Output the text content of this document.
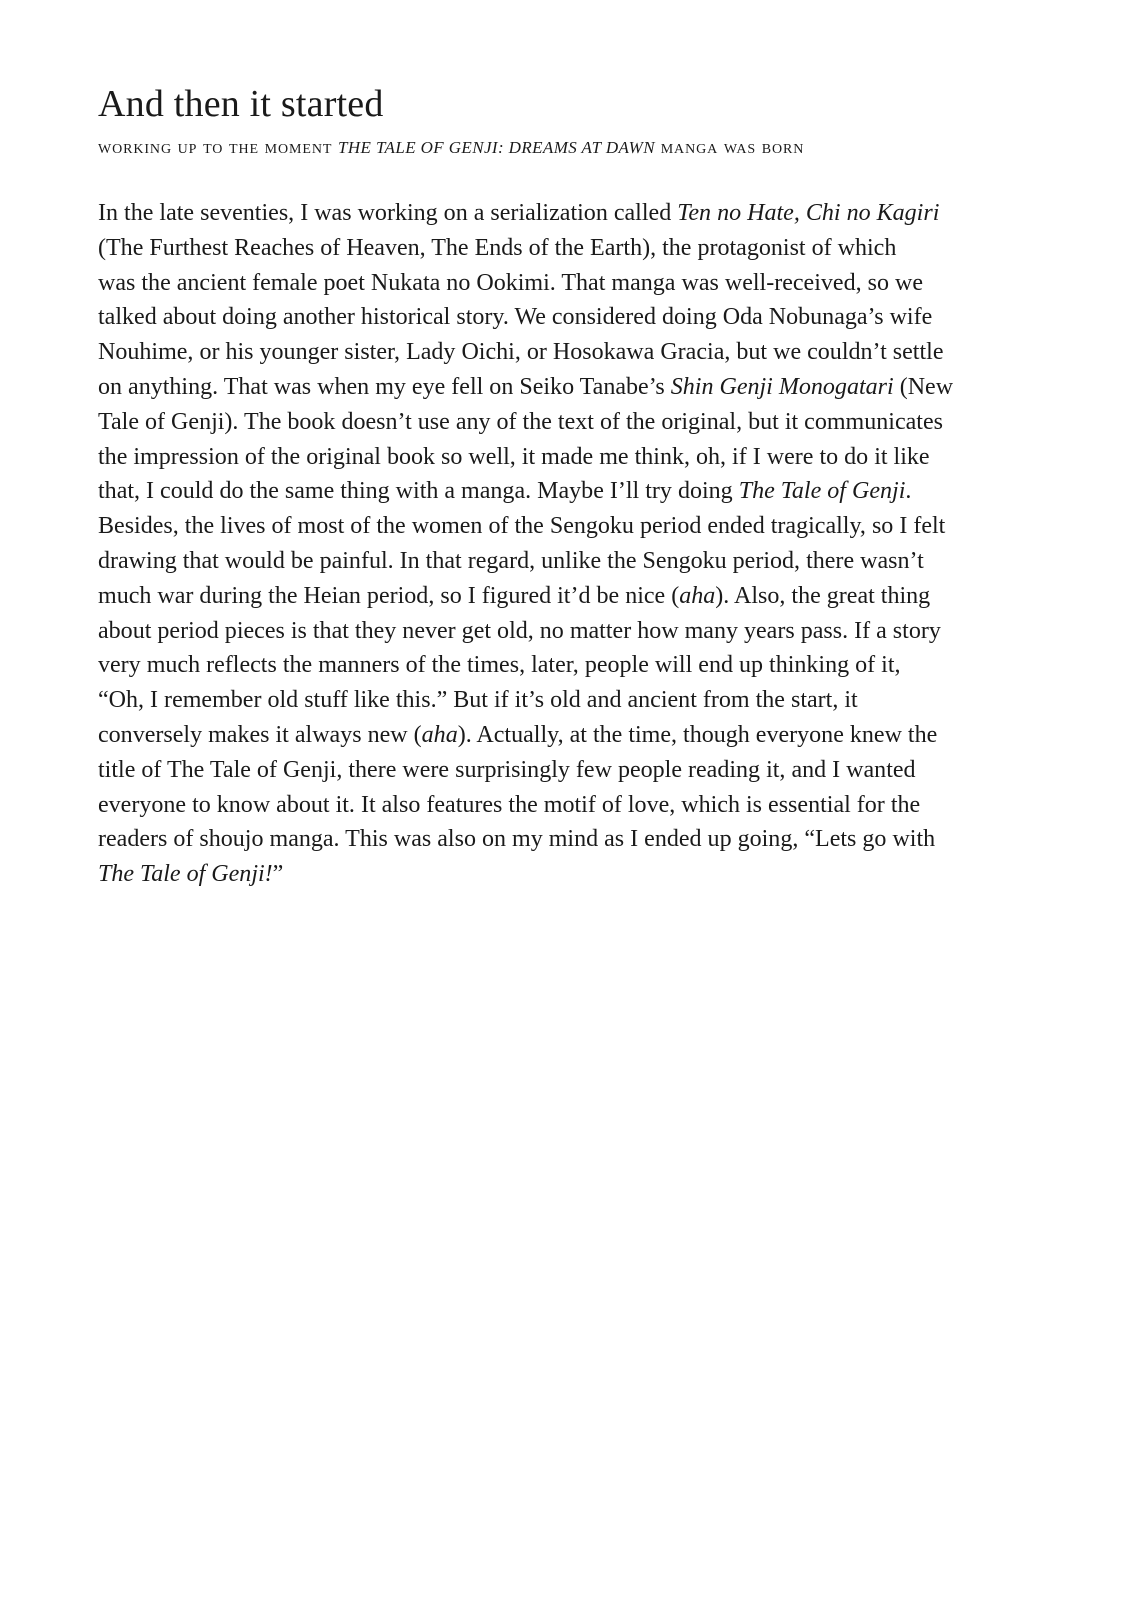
And then it started
working up to the moment THE TALE OF GENJI: DREAMS AT DAWN manga was born
In the late seventies, I was working on a serialization called Ten no Hate, Chi no Kagiri
(The Furthest Reaches of Heaven, The Ends of the Earth), the protagonist of which
was the ancient female poet Nukata no Ookimi. That manga was well-received, so we
talked about doing another historical story. We considered doing Oda Nobunaga’s wife
Nouhime, or his younger sister, Lady Oichi, or Hosokawa Gracia, but we couldn’t settle
on anything. That was when my eye fell on Seiko Tanabe’s Shin Genji Monogatari (New
Tale of Genji). The book doesn’t use any of the text of the original, but it communicates
the impression of the original book so well, it made me think, oh, if I were to do it like
that, I could do the same thing with a manga. Maybe I’ll try doing The Tale of Genji.
Besides, the lives of most of the women of the Sengoku period ended tragically, so I felt
drawing that would be painful. In that regard, unlike the Sengoku period, there wasn’t
much war during the Heian period, so I figured it’d be nice (aha). Also, the great thing
about period pieces is that they never get old, no matter how many years pass. If a story
very much reflects the manners of the times, later, people will end up thinking of it,
“Oh, I remember old stuff like this.” But if it’s old and ancient from the start, it
conversely makes it always new (aha). Actually, at the time, though everyone knew the
title of The Tale of Genji, there were surprisingly few people reading it, and I wanted
everyone to know about it. It also features the motif of love, which is essential for the
readers of shoujo manga. This was also on my mind as I ended up going, “Lets go with
The Tale of Genji!”
